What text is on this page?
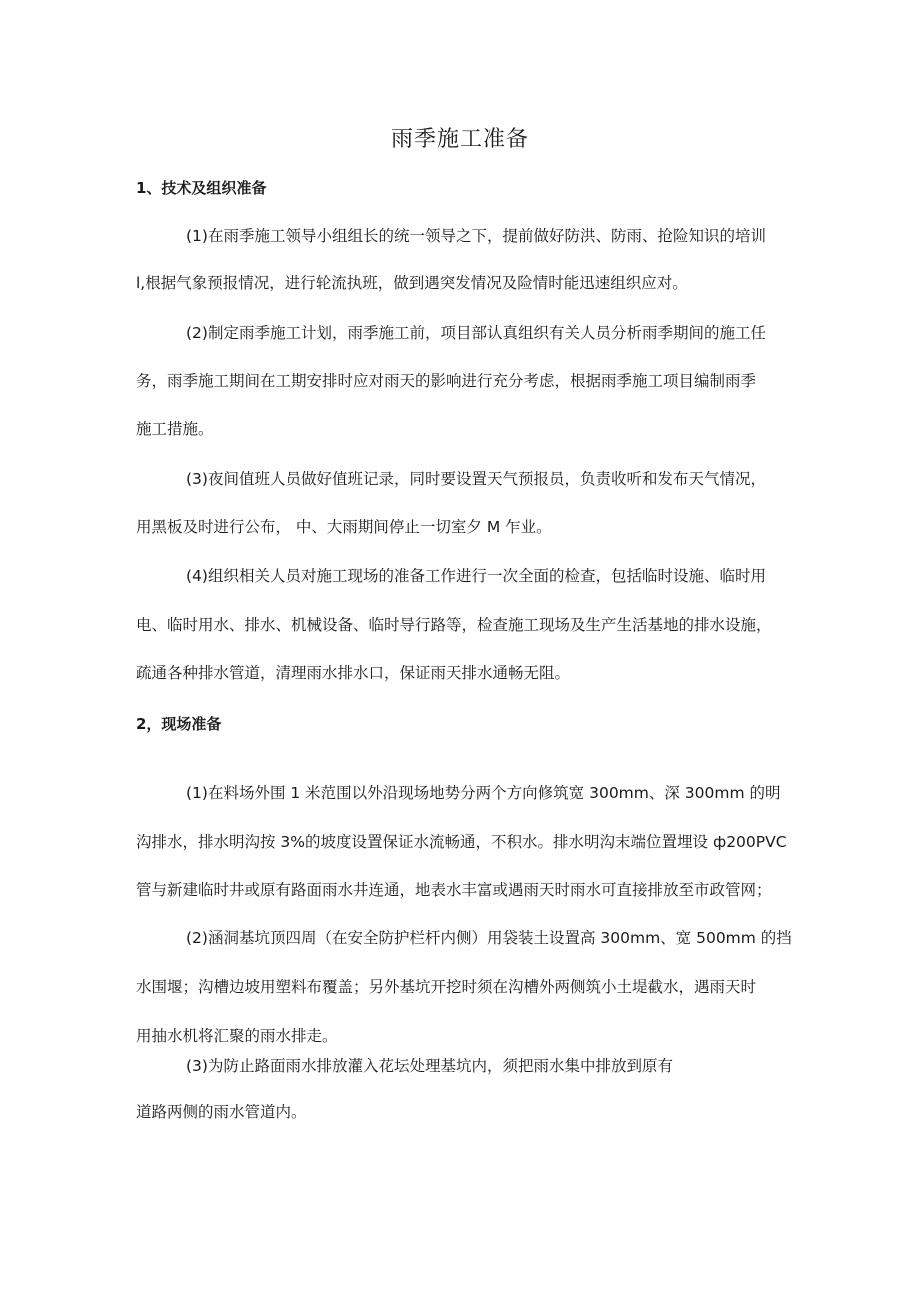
雨季施工准备
1、技术及组织准备
(1)在雨季施工领导小组组长的统一领导之下，提前做好防洪、防雨、抢险知识的培训
l,根据气象预报情况，进行轮流执班，做到遇突发情况及险情时能迅速组织应对。
(2)制定雨季施工计划，雨季施工前，项目部认真组织有关人员分析雨季期间的施工任
务，雨季施工期间在工期安排时应对雨天的影响进行充分考虑，根据雨季施工项目编制雨季
施工措施。
(3)夜间值班人员做好值班记录，同时要设置天气预报员，负责收听和发布天气情况，
用黑板及时进行公布， 中、大雨期间停止一切室夕 M 乍业。
(4)组织相关人员对施工现场的准备工作进行一次全面的检查，包括临时设施、临时用
电、临时用水、排水、机械设备、临时导行路等，检查施工现场及生产生活基地的排水设施，
疏通各种排水管道，清理雨水排水口，保证雨天排水通畅无阻。
2，现场准备
(1)在料场外围 1 米范围以外沿现场地势分两个方向修筑宽 300mm、深 300mm 的明
沟排水，排水明沟按 3%的坡度设置保证水流畅通，不积水。排水明沟末端位置埋设 ф200PVC
管与新建临时井或原有路面雨水井连通，地表水丰富或遇雨天时雨水可直接排放至市政管网；
(2)涵洞基坑顶四周（在安全防护栏杆内侧）用袋装土设置高 300mm、宽 500mm 的挡
水围堰；沟槽边坡用塑料布覆盖；另外基坑开挖时须在沟槽外两侧筑小土堤截水，遇雨天时
用抽水机将汇聚的雨水排走。
(3)为防止路面雨水排放灌入花坛处理基坑内，须把雨水集中排放到原有
道路两侧的雨水管道内。
